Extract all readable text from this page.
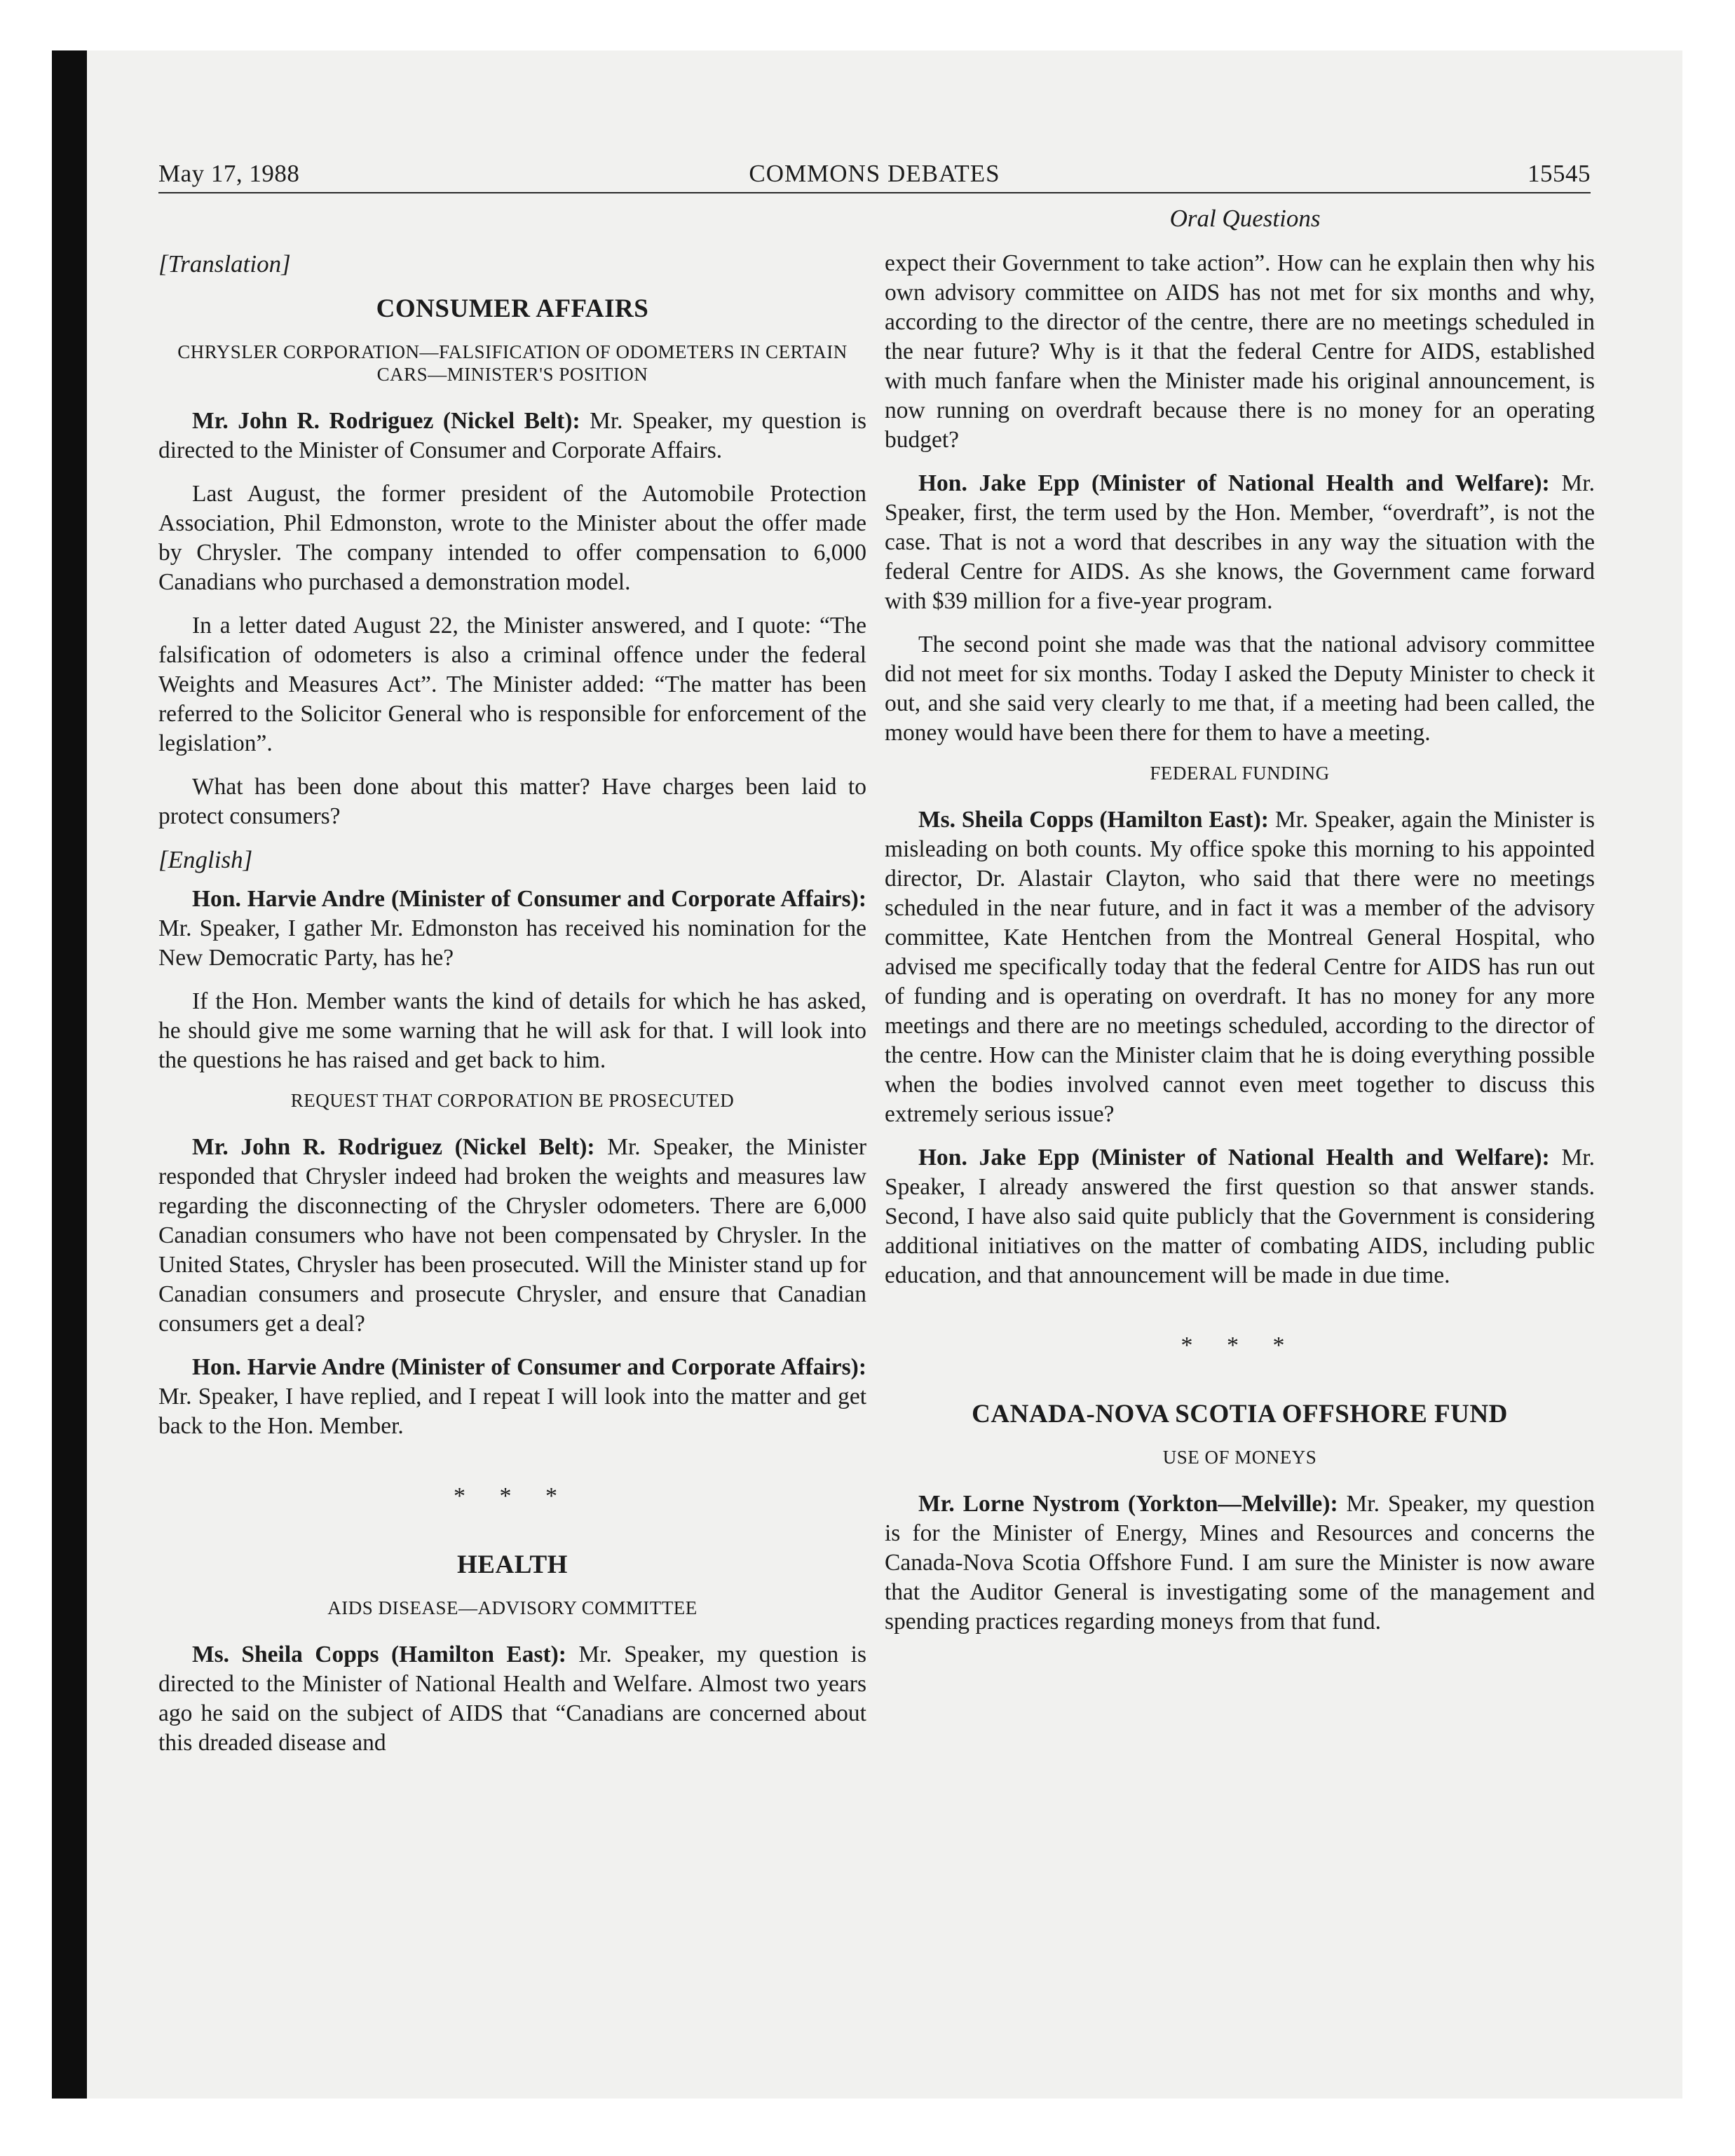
May 17, 1988	COMMONS DEBATES	15545
Oral Questions
[Translation]
CONSUMER AFFAIRS
CHRYSLER CORPORATION—FALSIFICATION OF ODOMETERS IN CERTAIN CARS—MINISTER'S POSITION

Mr. John R. Rodriguez (Nickel Belt): Mr. Speaker, my question is directed to the Minister of Consumer and Corporate Affairs.

Last August, the former president of the Automobile Protection Association, Phil Edmonston, wrote to the Minister about the offer made by Chrysler. The company intended to offer compensation to 6,000 Canadians who purchased a demonstration model.

In a letter dated August 22, the Minister answered, and I quote: “The falsification of odometers is also a criminal offence under the federal Weights and Measures Act”. The Minister added: “The matter has been referred to the Solicitor General who is responsible for enforcement of the legislation”.

What has been done about this matter? Have charges been laid to protect consumers?

[English]

Hon. Harvie Andre (Minister of Consumer and Corporate Affairs): Mr. Speaker, I gather Mr. Edmonston has received his nomination for the New Democratic Party, has he?

If the Hon. Member wants the kind of details for which he has asked, he should give me some warning that he will ask for that. I will look into the questions he has raised and get back to him.

REQUEST THAT CORPORATION BE PROSECUTED

Mr. John R. Rodriguez (Nickel Belt): Mr. Speaker, the Minister responded that Chrysler indeed had broken the weights and measures law regarding the disconnecting of the Chrysler odometers. There are 6,000 Canadian consumers who have not been compensated by Chrysler. In the United States, Chrysler has been prosecuted. Will the Minister stand up for Canadian consumers and prosecute Chrysler, and ensure that Canadian consumers get a deal?

Hon. Harvie Andre (Minister of Consumer and Corporate Affairs): Mr. Speaker, I have replied, and I repeat I will look into the matter and get back to the Hon. Member.

* * *
HEALTH
AIDS DISEASE—ADVISORY COMMITTEE

Ms. Sheila Copps (Hamilton East): Mr. Speaker, my question is directed to the Minister of National Health and Welfare. Almost two years ago he said on the subject of AIDS that “Canadians are concerned about this dreaded disease and

expect their Government to take action”. How can he explain then why his own advisory committee on AIDS has not met for six months and why, according to the director of the centre, there are no meetings scheduled in the near future? Why is it that the federal Centre for AIDS, established with much fanfare when the Minister made his original announcement, is now running on overdraft because there is no money for an operating budget?

Hon. Jake Epp (Minister of National Health and Welfare): Mr. Speaker, first, the term used by the Hon. Member, “overdraft”, is not the case. That is not a word that describes in any way the situation with the federal Centre for AIDS. As she knows, the Government came forward with $39 million for a five-year program.

The second point she made was that the national advisory committee did not meet for six months. Today I asked the Deputy Minister to check it out, and she said very clearly to me that, if a meeting had been called, the money would have been there for them to have a meeting.

FEDERAL FUNDING

Ms. Sheila Copps (Hamilton East): Mr. Speaker, again the Minister is misleading on both counts. My office spoke this morning to his appointed director, Dr. Alastair Clayton, who said that there were no meetings scheduled in the near future, and in fact it was a member of the advisory committee, Kate Hentchen from the Montreal General Hospital, who advised me specifically today that the federal Centre for AIDS has run out of funding and is operating on overdraft. It has no money for any more meetings and there are no meetings scheduled, according to the director of the centre. How can the Minister claim that he is doing everything possible when the bodies involved cannot even meet together to discuss this extremely serious issue?

Hon. Jake Epp (Minister of National Health and Welfare): Mr. Speaker, I already answered the first question so that answer stands. Second, I have also said quite publicly that the Government is considering additional initiatives on the matter of combating AIDS, including public education, and that announcement will be made in due time.

* * *
CANADA-NOVA SCOTIA OFFSHORE FUND
USE OF MONEYS

Mr. Lorne Nystrom (Yorkton—Melville): Mr. Speaker, my question is for the Minister of Energy, Mines and Resources and concerns the Canada-Nova Scotia Offshore Fund. I am sure the Minister is now aware that the Auditor General is investigating some of the management and spending practices regarding moneys from that fund.
